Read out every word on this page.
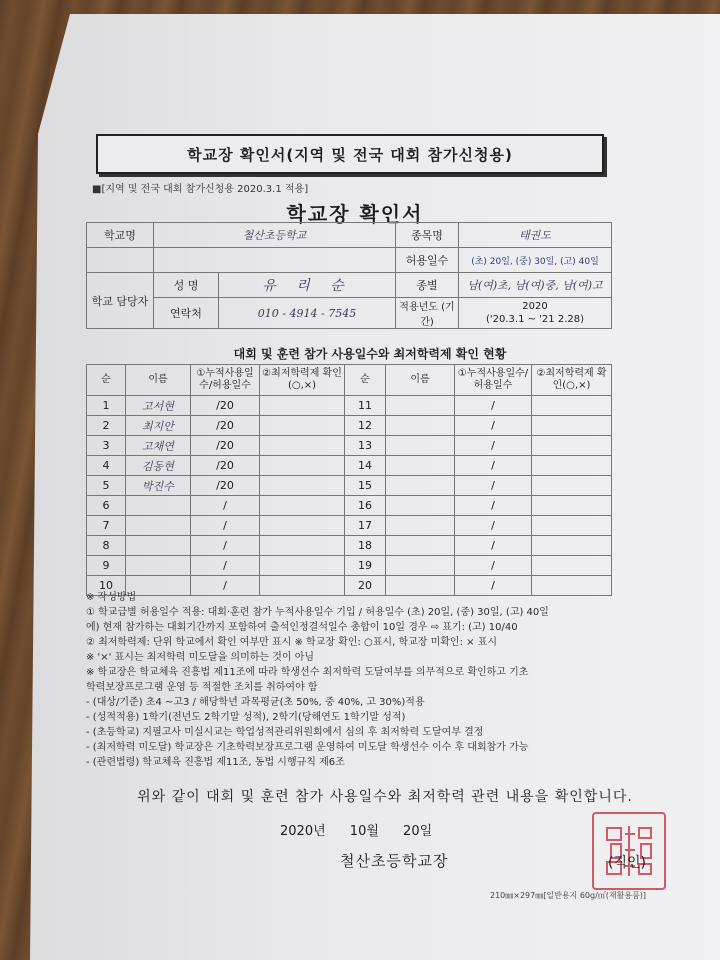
학교장 확인서(지역 및 전국 대회 참가신청용)
■[지역 및 전국 대회 참가신청용 2020.3.1 적용]
학교장 확인서
학교명	철산초등학교		종목명	태권도
			허용일수	(초) 20일, (중) 30일, (고) 40일
학교 담당자	성 명	유 리 순	종별	남(여)초, 남(여)중, 남(여)고
	연락처	010 - 4914 - 7545	적용년도 (기간)	2020
('20.3.1 ~ '21 2.28)
대회 및 훈련 참가 사용일수와 최저학력제 확인 현황
순	이름	①누적사용일수/허용일수	②최저학력제 확인(○,×)	순	이름	①누적사용일수/허용일수	②최저학력제 확인(○,×)
1	고서현	/20		11		/	
2	최지안	/20		12		/	
3	고채연	/20		13		/	
4	김동현	/20		14		/	
5	박진수	/20		15		/	
6		/		16		/	
7		/		17		/	
8		/		18		/	
9		/		19		/	
10		/		20		/	
※ 작성방법
① 학교급별 허용일수 적용: 대회·훈련 참가 누적사용일수 기입 / 허용일수 (초) 20일, (중) 30일, (고) 40일
에) 현재 참가하는 대회기간까지 포함하여 출석인정결석일수 총합이 10일 경우 ⇨ 표기: (고) 10/40
② 최저학력제: 단위 학교에서 확인 여부만 표시 ※ 학교장 확인: ○표시, 학교장 미확인: × 표시
※ '×' 표시는 최저학력 미도달을 의미하는 것이 아님
※ 학교장은 학교체육 진흥법 제11조에 따라 학생선수 최저학력 도달여부를 의무적으로 확인하고 기초
학력보장프로그램 운영 등 적절한 조치를 취하여야 함
- (대상/기준) 초4 ~고3 / 해당학년 과목평균(초 50%, 중 40%, 고 30%)적용
- (성적적용) 1학기(전년도 2학기말 성적), 2학기(당해연도 1학기말 성적)
- (초등학교) 지필고사 미실시교는 학업성적관리위원회에서 심의 후 최저학력 도달여부 결정
- (최저학력 미도달) 학교장은 기초학력보장프로그램 운영하여 미도달 학생선수 이수 후 대회참가 가능
- (관련법령) 학교체육 진흥법 제11조, 동법 시행규칙 제6조
위와 같이 대회 및 훈련 참가 사용일수와 최저학력 관련 내용을 확인합니다.
2020년 10월 20일
철산초등학교장	(직인)
210㎜×297㎜[일반용지 60g/㎡(재활용품)]
